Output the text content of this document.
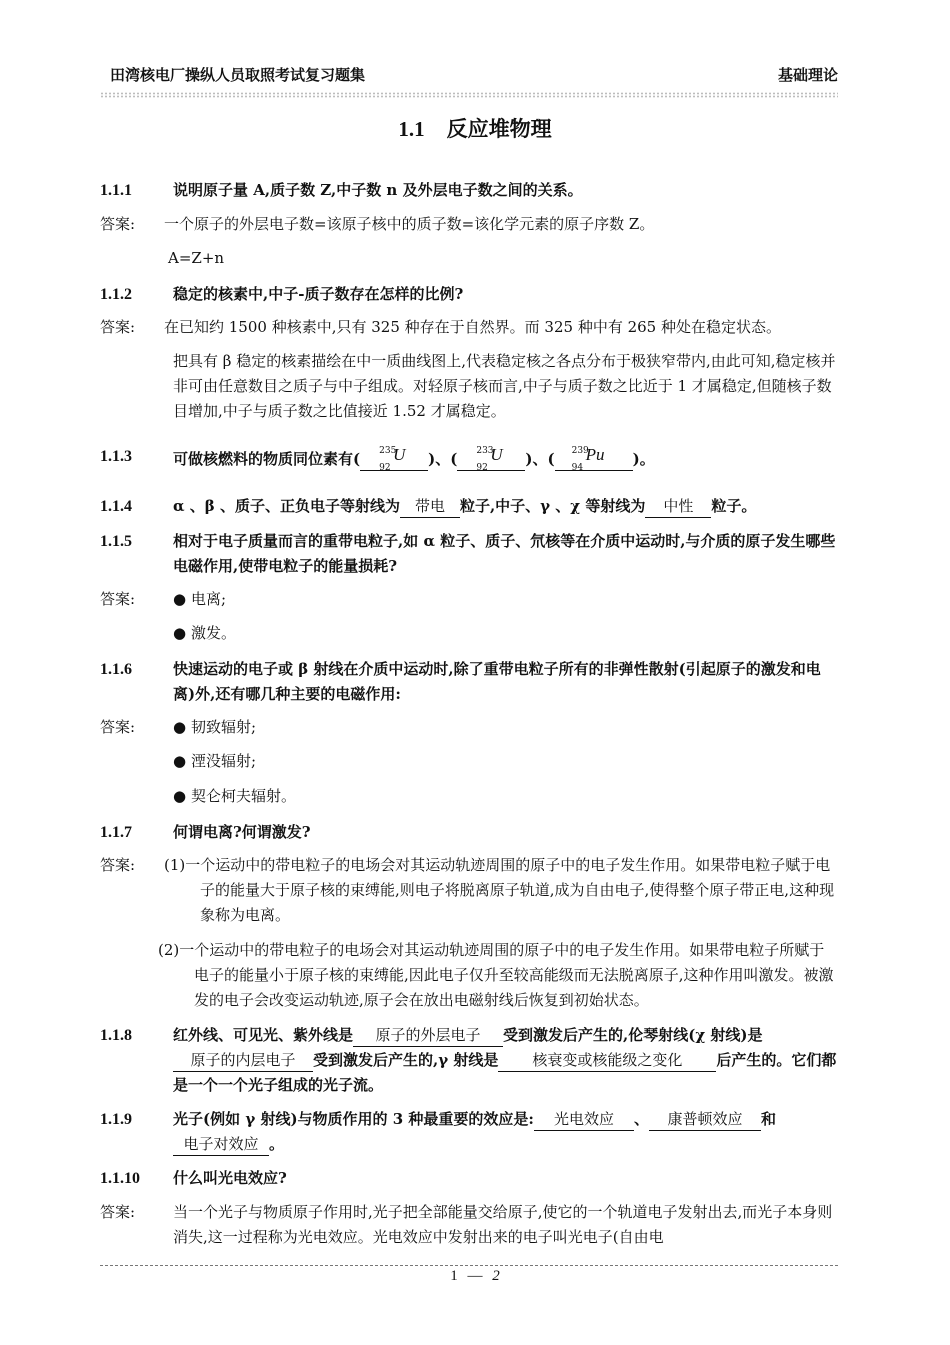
田湾核电厂操纵人员取照考试复习题集	基础理论
1.1 反应堆物理
1.1.1	说明原子量 A,质子数 Z,中子数 n 及外层电子数之间的关系。
答案: 一个原子的外层电子数=该原子核中的质子数=该化学元素的原子序数 Z。
A=Z+n
1.1.2	稳定的核素中,中子-质子数存在怎样的比例?
答案: 在已知约 1500 种核素中,只有 325 种存在于自然界。而 325 种中有 265 种处在稳定状态。
把具有 β 稳定的核素描绘在中一质曲线图上,代表稳定核之各点分布于极狭窄带内,由此可知,稳定核并非可由任意数目之质子与中子组成。对轻原子核而言,中子与质子数之比近于 1 才属稳定,但随核子数目增加,中子与质子数之比值接近 1.52 才属稳定。
1.1.3	可做核燃料的物质同位素有( 235
92
U )、( 233
92
U )、( 239
94
Pu )。
1.1.4	α 、β 、质子、正负电子等射线为 带电 粒子,中子、γ 、χ 等射线为 中性 粒子。
1.1.5	相对于电子质量而言的重带电粒子,如 α 粒子、质子、氘核等在介质中运动时,与介质的原子发生哪些电磁作用,使带电粒子的能量损耗?
答案:	● 电离;
● 激发。
1.1.6	快速运动的电子或 β 射线在介质中运动时,除了重带电粒子所有的非弹性散射(引起原子的激发和电离)外,还有哪几种主要的电磁作用:
答案:	● 韧致辐射;
● 湮没辐射;
● 契仑柯夫辐射。
1.1.7	何谓电离?何谓激发?
答案: (1)一个运动中的带电粒子的电场会对其运动轨迹周围的原子中的电子发生作用。如果带电粒子赋于电子的能量大于原子核的束缚能,则电子将脱离原子轨道,成为自由电子,使得整个原子带正电,这种现象称为电离。
(2)一个运动中的带电粒子的电场会对其运动轨迹周围的原子中的电子发生作用。如果带电粒子所赋于电子的能量小于原子核的束缚能,因此电子仅升至较高能级而无法脱离原子,这种作用叫激发。被激发的电子会改变运动轨迹,原子会在放出电磁射线后恢复到初始状态。
1.1.8	红外线、可见光、紫外线是 原子的外层电子 受到激发后产生的,伦琴射线(χ 射线)是原子的内层电子 受到激发后产生的,γ 射线是 核衰变或核能级之变化 后产生的。它们都是一个一个光子组成的光子流。
1.1.9	光子(例如 γ 射线)与物质作用的 3 种最重要的效应是: 光电效应 、 康普顿效应 和电子对效应 。
1.1.10 什么叫光电效应?
答案:	当一个光子与物质原子作用时,光子把全部能量交给原子,使它的一个轨道电子发射出去,而光子本身则消失,这一过程称为光电效应。光电效应中发射出来的电子叫光电子(自由电
1 — 2
